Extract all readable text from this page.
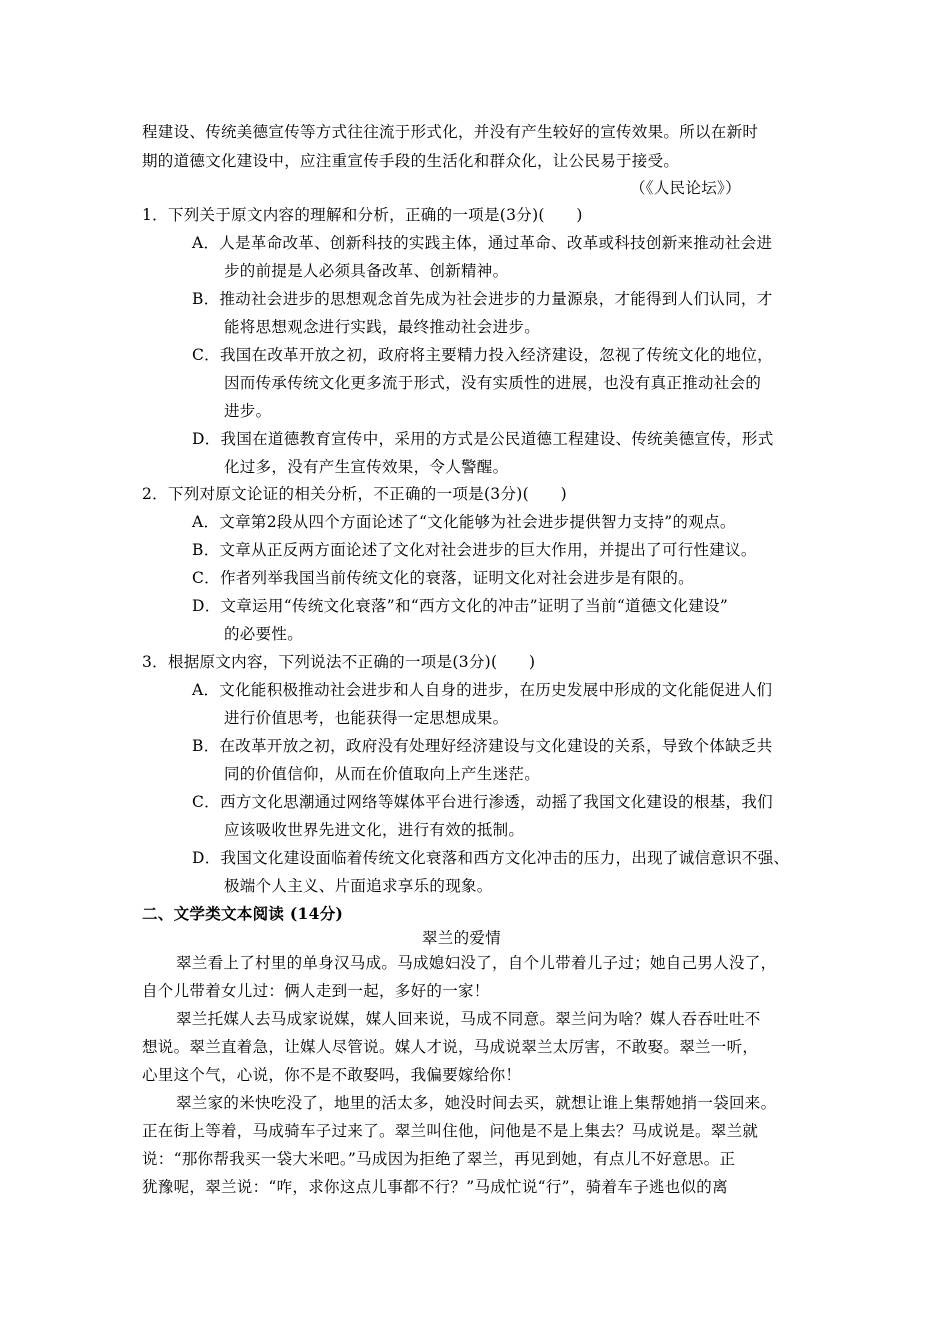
程建设、传统美德宣传等方式往往流于形式化，并没有产生较好的宣传效果。所以在新时
期的道德文化建设中，应注重宣传手段的生活化和群众化，让公民易于接受。
（《人民论坛》）
1．下列关于原文内容的理解和分析，正确的一项是(3分)(　　)
A．人是革命改革、创新科技的实践主体，通过革命、改革或科技创新来推动社会进
步的前提是人必须具备改革、创新精神。
B．推动社会进步的思想观念首先成为社会进步的力量源泉，才能得到人们认同，才
能将思想观念进行实践，最终推动社会进步。
C．我国在改革开放之初，政府将主要精力投入经济建设，忽视了传统文化的地位，
因而传承传统文化更多流于形式，没有实质性的进展，也没有真正推动社会的
进步。
D．我国在道德教育宣传中，采用的方式是公民道德工程建设、传统美德宣传，形式
化过多，没有产生宣传效果，令人警醒。
2．下列对原文论证的相关分析，不正确的一项是(3分)(　　)
A．文章第2段从四个方面论述了“文化能够为社会进步提供智力支持”的观点。
B．文章从正反两方面论述了文化对社会进步的巨大作用，并提出了可行性建议。
C．作者列举我国当前传统文化的衰落，证明文化对社会进步是有限的。
D．文章运用“传统文化衰落”和“西方文化的冲击”证明了当前“道德文化建设”
的必要性。
3．根据原文内容，下列说法不正确的一项是(3分)(　　)
A．文化能积极推动社会进步和人自身的进步，在历史发展中形成的文化能促进人们
进行价值思考，也能获得一定思想成果。
B．在改革开放之初，政府没有处理好经济建设与文化建设的关系，导致个体缺乏共
同的价值信仰，从而在价值取向上产生迷茫。
C．西方文化思潮通过网络等媒体平台进行渗透，动摇了我国文化建设的根基，我们
应该吸收世界先进文化，进行有效的抵制。
D．我国文化建设面临着传统文化衰落和西方文化冲击的压力，出现了诚信意识不强、
极端个人主义、片面追求享乐的现象。
二、文学类文本阅读 (14分)
翠兰的爱情
翠兰看上了村里的单身汉马成。马成媳妇没了，自个儿带着儿子过；她自己男人没了，
自个儿带着女儿过：俩人走到一起，多好的一家！
翠兰托媒人去马成家说媒，媒人回来说，马成不同意。翠兰问为啥？媒人吞吞吐吐不
想说。翠兰直着急，让媒人尽管说。媒人才说，马成说翠兰太厉害，不敢娶。翠兰一听，
心里这个气，心说，你不是不敢娶吗，我偏要嫁给你！
翠兰家的米快吃没了，地里的活太多，她没时间去买，就想让谁上集帮她捎一袋回来。
正在街上等着，马成骑车子过来了。翠兰叫住他，问他是不是上集去？马成说是。翠兰就
说：“那你帮我买一袋大米吧。”马成因为拒绝了翠兰，再见到她，有点儿不好意思。正
犹豫呢，翠兰说：“咋，求你这点儿事都不行？”马成忙说“行”，骑着车子逃也似的离
